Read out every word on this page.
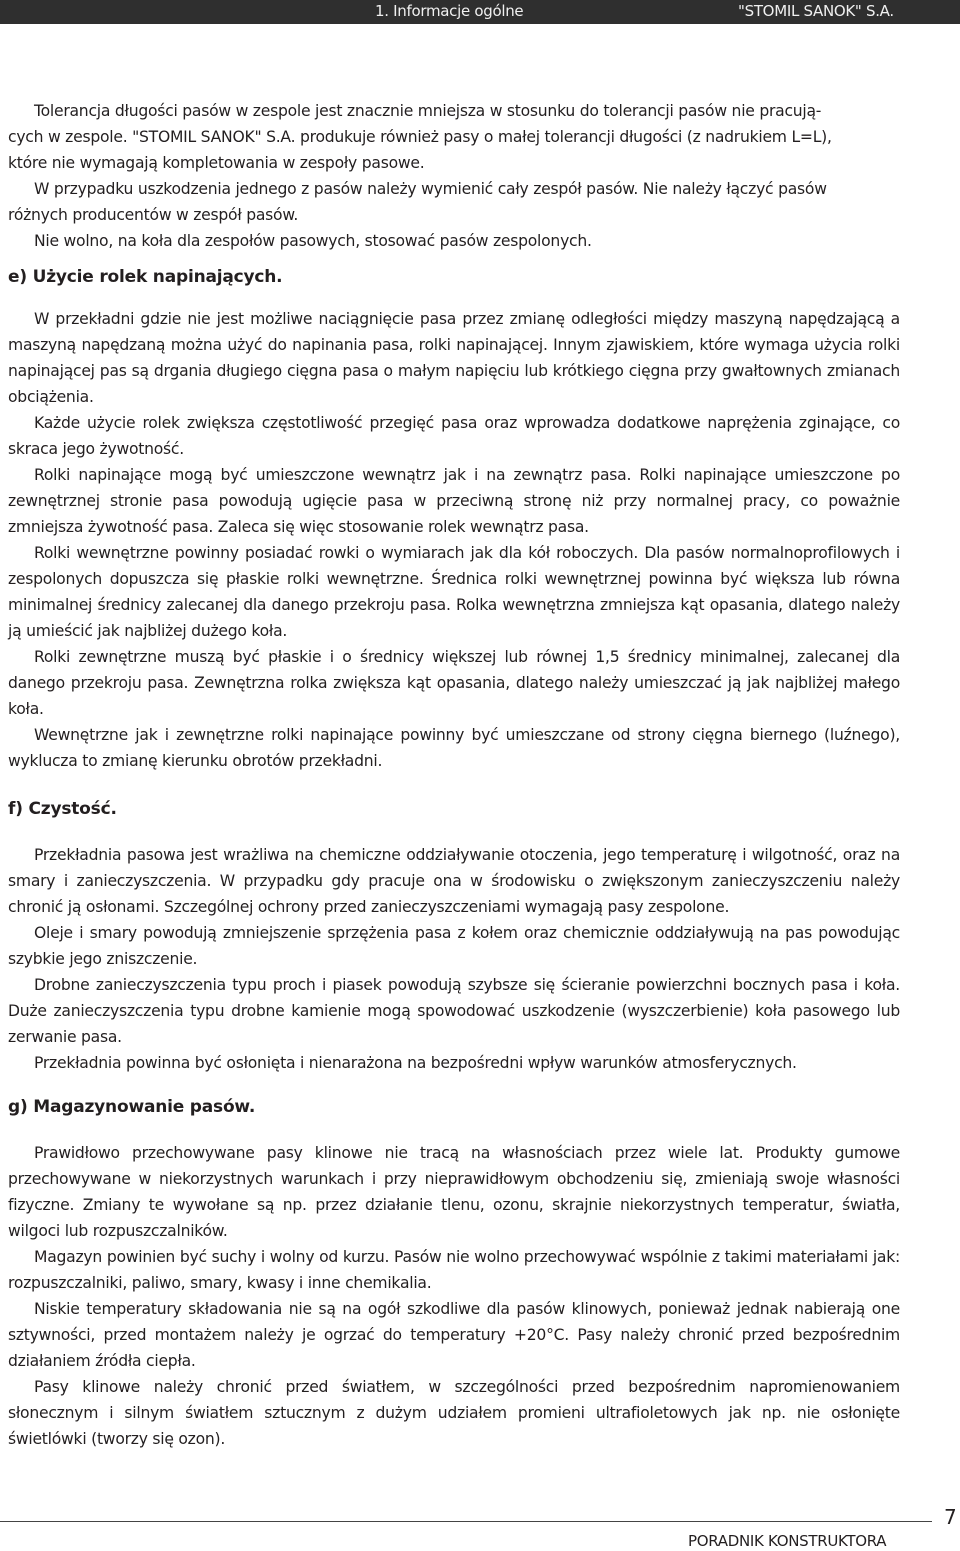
1. Informacje ogólne	"STOMIL SANOK" S.A.

Tolerancja długości pasów w zespole jest znacznie mniejsza w stosunku do tolerancji pasów nie pracują-

cych w zespole. "STOMIL SANOK" S.A. produkuje również pasy o małej tolerancji długości (z nadrukiem L=L),

które nie wymagają kompletowania w zespoły pasowe.

W przypadku uszkodzenia jednego z pasów należy wymienić cały zespół pasów. Nie należy łączyć pasów

różnych producentów w zespół pasów.

Nie wolno, na koła dla zespołów pasowych, stosować pasów zespolonych.

e) Użycie rolek napinających.

W przekładni gdzie nie jest możliwe naciągnięcie pasa przez zmianę odległości między maszyną napędzającą a maszyną napędzaną można użyć do napinania pasa, rolki napinającej. Innym zjawiskiem, które wymaga użycia rolki napinającej pas są drgania długiego cięgna pasa o małym napięciu lub krótkiego cięgna przy gwałtownych zmianach obciążenia.

Każde użycie rolek zwiększa częstotliwość przegięć pasa oraz wprowadza dodatkowe naprężenia zginające, co skraca jego żywotność.

Rolki napinające mogą być umieszczone wewnątrz jak i na zewnątrz pasa. Rolki napinające umieszczone po zewnętrznej stronie pasa powodują ugięcie pasa w przeciwną stronę niż przy normalnej pracy, co poważnie zmniejsza żywotność pasa. Zaleca się więc stosowanie rolek wewnątrz pasa.

Rolki wewnętrzne powinny posiadać rowki o wymiarach jak dla kół roboczych. Dla pasów normalnoprofilowych i zespolonych dopuszcza się płaskie rolki wewnętrzne. Średnica rolki wewnętrznej powinna być większa lub równa minimalnej średnicy zalecanej dla danego przekroju pasa. Rolka wewnętrzna zmniejsza kąt opasania, dlatego należy ją umieścić jak najbliżej dużego koła.

Rolki zewnętrzne muszą być płaskie i o średnicy większej lub równej 1,5 średnicy minimalnej, zalecanej dla danego przekroju pasa. Zewnętrzna rolka zwiększa kąt opasania, dlatego należy umieszczać ją jak najbliżej małego koła.

Wewnętrzne jak i zewnętrzne rolki napinające powinny być umieszczane od strony cięgna biernego (luźnego), wyklucza to zmianę kierunku obrotów przekładni.

f) Czystość.

Przekładnia pasowa jest wrażliwa na chemiczne oddziaływanie otoczenia, jego temperaturę i wilgotność, oraz na smary i zanieczyszczenia. W przypadku gdy pracuje ona w środowisku o zwiększonym zanieczyszczeniu należy chronić ją osłonami. Szczególnej ochrony przed zanieczyszczeniami wymagają pasy zespolone.

Oleje i smary powodują zmniejszenie sprzężenia pasa z kołem oraz chemicznie oddziaływują na pas powodując szybkie jego zniszczenie.

Drobne zanieczyszczenia typu proch i piasek powodują szybsze się ścieranie powierzchni bocznych pasa i koła. Duże zanieczyszczenia typu drobne kamienie mogą spowodować uszkodzenie (wyszczerbienie) koła pasowego lub zerwanie pasa.

Przekładnia powinna być osłonięta i nienarażona na bezpośredni wpływ warunków atmosferycznych.

g) Magazynowanie pasów.

Prawidłowo przechowywane pasy klinowe nie tracą na własnościach przez wiele lat. Produkty gumowe przechowywane w niekorzystnych warunkach i przy nieprawidłowym obchodzeniu się, zmieniają swoje własności fizyczne. Zmiany te wywołane są np. przez działanie tlenu, ozonu, skrajnie niekorzystnych temperatur, światła, wilgoci lub rozpuszczalników.

Magazyn powinien być suchy i wolny od kurzu. Pasów nie wolno przechowywać wspólnie z takimi materiałami jak: rozpuszczalniki, paliwo, smary, kwasy i inne chemikalia.

Niskie temperatury składowania nie są na ogół szkodliwe dla pasów klinowych, ponieważ jednak nabierają one sztywności, przed montażem należy je ogrzać do temperatury +20°C. Pasy należy chronić przed bezpośrednim działaniem źródła ciepła.

Pasy klinowe należy chronić przed światłem, w szczególności przed bezpośrednim napromienowaniem słonecznym i silnym światłem sztucznym z dużym udziałem promieni ultrafioletowych jak np. nie osłonięte świetlówki (tworzy się ozon).

PORADNIK KONSTRUKTORA
7
